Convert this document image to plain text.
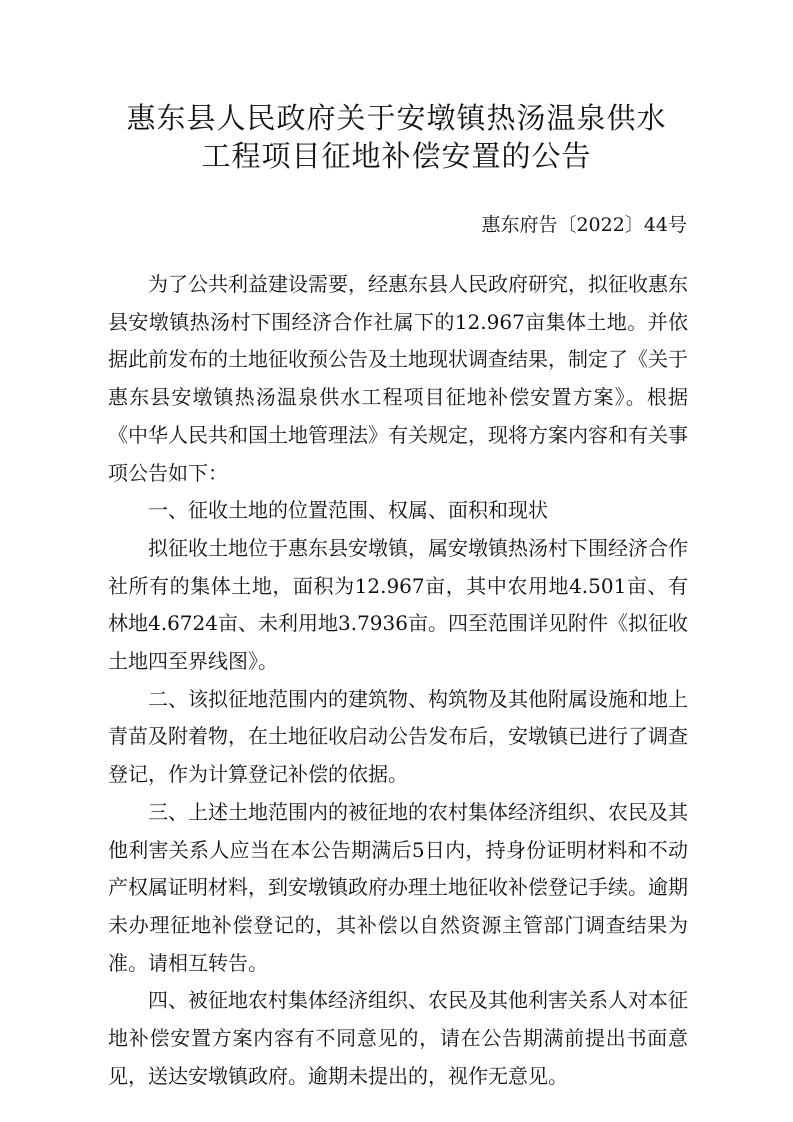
惠东县人民政府关于安墩镇热汤温泉供水
工程项目征地补偿安置的公告
惠东府告〔2022〕44号

为了公共利益建设需要，经惠东县人民政府研究，拟征收惠东县安墩镇热汤村下围经济合作社属下的12.967亩集体土地。并依据此前发布的土地征收预公告及土地现状调查结果，制定了《关于惠东县安墩镇热汤温泉供水工程项目征地补偿安置方案》。根据《中华人民共和国土地管理法》有关规定，现将方案内容和有关事项公告如下：

一、征收土地的位置范围、权属、面积和现状

拟征收土地位于惠东县安墩镇，属安墩镇热汤村下围经济合作社所有的集体土地，面积为12.967亩，其中农用地4.501亩、有林地4.6724亩、未利用地3.7936亩。四至范围详见附件《拟征收土地四至界线图》。

二、该拟征地范围内的建筑物、构筑物及其他附属设施和地上青苗及附着物，在土地征收启动公告发布后，安墩镇已进行了调查登记，作为计算登记补偿的依据。

三、上述土地范围内的被征地的农村集体经济组织、农民及其他利害关系人应当在本公告期满后5日内，持身份证明材料和不动产权属证明材料，到安墩镇政府办理土地征收补偿登记手续。逾期未办理征地补偿登记的，其补偿以自然资源主管部门调查结果为准。请相互转告。

四、被征地农村集体经济组织、农民及其他利害关系人对本征地补偿安置方案内容有不同意见的，请在公告期满前提出书面意见，送达安墩镇政府。逾期未提出的，视作无意见。
